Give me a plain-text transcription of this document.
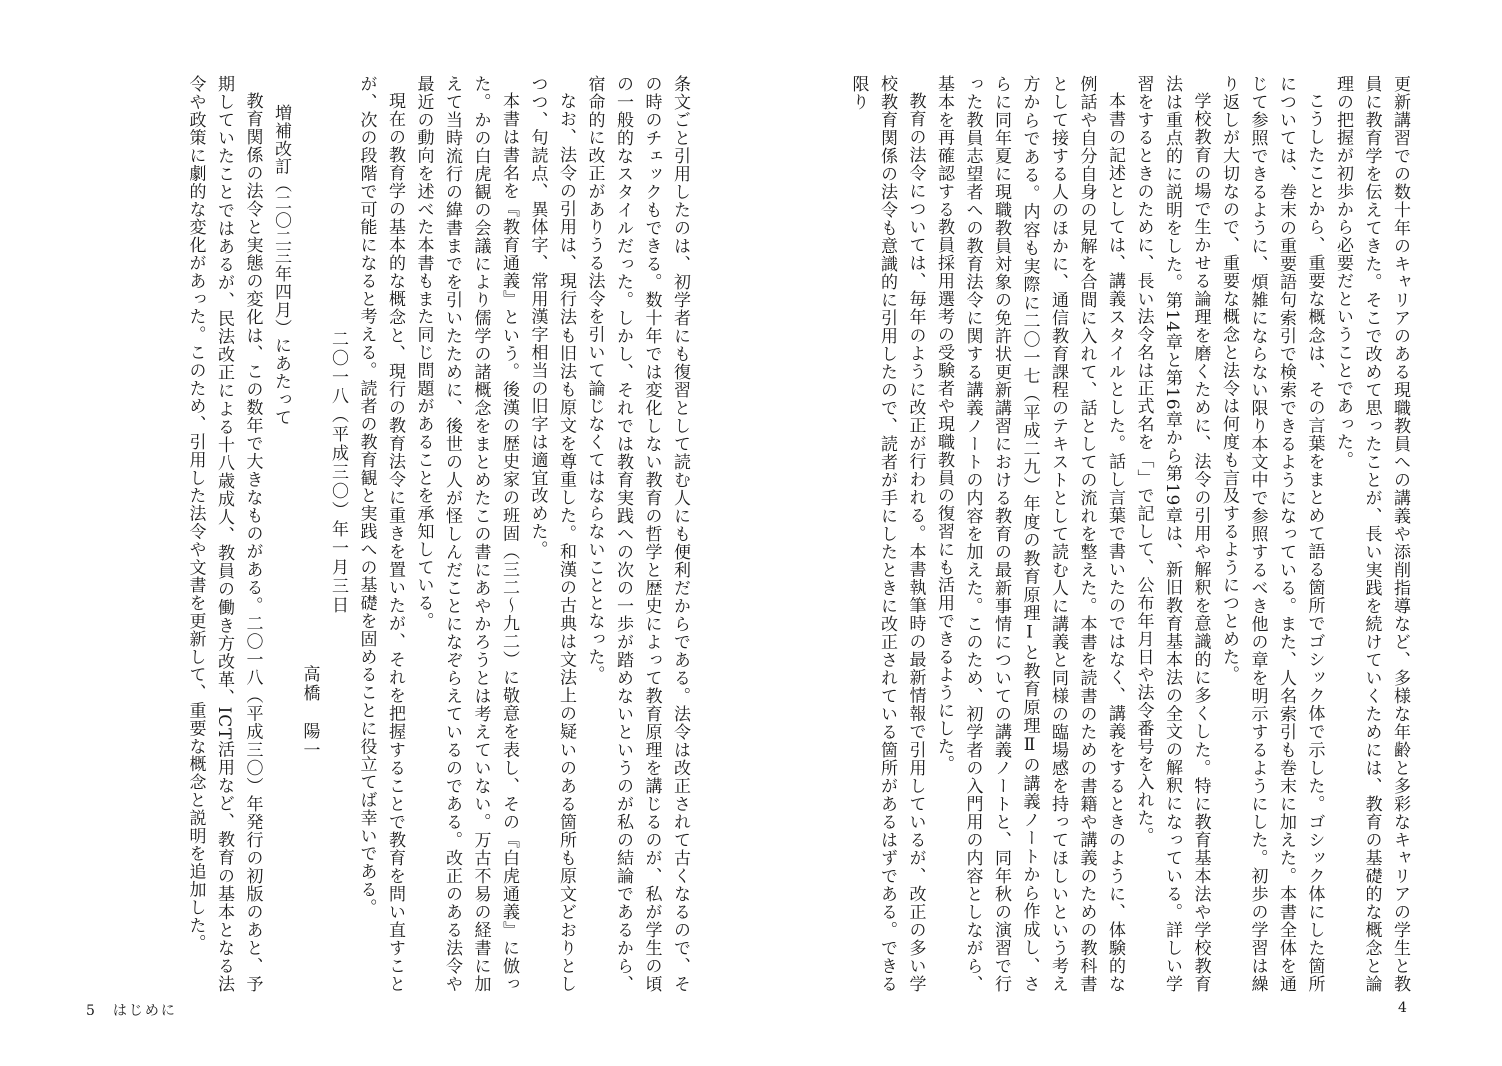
更新講習での数十年のキャリアのある現職教員への講義や添削指導など、多様な年齢と多彩なキャリアの学生と教員に教育学を伝えてきた。そこで改めて思ったことが、長い実践を続けていくためには、教育の基礎的な概念と論理の把握が初歩から必要だということであった。

こうしたことから、重要な概念は、その言葉をまとめて語る箇所でゴシック体で示した。ゴシック体にした箇所については、巻末の重要語句索引で検索できるようになっている。また、人名索引も巻末に加えた。本書全体を通じて参照できるように、煩雑にならない限り本文中で参照するべき他の章を明示するようにした。初歩の学習は繰り返しが大切なので、重要な概念と法令は何度も言及するようにつとめた。

学校教育の場で生かせる論理を磨くために、法令の引用や解釈を意識的に多くした。特に教育基本法や学校教育法は重点的に説明をした。第14章と第16章から第19章は、新旧教育基本法の全文の解釈になっている。詳しい学習をするときのために、長い法令名は正式名を「」で記して、公布年月日や法令番号を入れた。

本書の記述としては、講義スタイルとした。話し言葉で書いたのではなく、講義をするときのように、体験的な例話や自分自身の見解を合間に入れて、話としての流れを整えた。本書を読書のための書籍や講義のための教科書として接する人のほかに、通信教育課程のテキストとして読む人に講義と同様の臨場感を持ってほしいという考え方からである。内容も実際に二〇一七（平成二九）年度の教育原理Ⅰと教育原理Ⅱの講義ノートから作成し、さらに同年夏に現職教員対象の免許状更新講習における教育の最新事情についての講義ノートと、同年秋の演習で行った教員志望者への教育法令に関する講義ノートの内容を加えた。このため、初学者の入門用の内容としながら、基本を再確認する教員採用選考の受験者や現職教員の復習にも活用できるようにした。

教育の法令については、毎年のように改正が行われる。本書執筆時の最新情報で引用しているが、改正の多い学校教育関係の法令も意識的に引用したので、読者が手にしたときに改正されている箇所があるはずである。できる限り

条文ごと引用したのは、初学者にも復習として読む人にも便利だからである。法令は改正されて古くなるので、その時のチェックもできる。数十年では変化しない教育の哲学と歴史によって教育原理を講じるのが、私が学生の頃の一般的なスタイルだった。しかし、それでは教育実践への次の一歩が踏めないというのが私の結論であるから、宿命的に改正がありうる法令を引いて論じなくてはならないこととなった。

なお、法令の引用は、現行法も旧法も原文を尊重した。和漢の古典は文法上の疑いのある箇所も原文どおりとしつつ、句読点、異体字、常用漢字相当の旧字は適宜改めた。

本書は書名を『教育通義』という。後漢の歴史家の班固（三二〜九二）に敬意を表し、その『白虎通義』に倣った。かの白虎観の会議により儒学の諸概念をまとめたこの書にあやかろうとは考えていない。万古不易の経書に加えて当時流行の緯書までを引いたために、後世の人が怪しんだことになぞらえているのである。改正のある法令や最近の動向を述べた本書もまた同じ問題があることを承知している。

現在の教育学の基本的な概念と、現行の教育法令に重きを置いたが、それを把握することで教育を問い直すことが、次の段階で可能になると考える。読者の教育観と実践への基礎を固めることに役立てば幸いである。

二〇一八（平成三〇）年一月三日

高橋　陽一

増補改訂（二〇二三年四月）にあたって

教育関係の法令と実態の変化は、この数年で大きなものがある。二〇一八（平成三〇）年発行の初版のあと、予期していたことではあるが、民法改正による十八歳成人、教員の働き方改革、ICT活用など、教育の基本となる法令や政策に劇的な変化があった。このため、引用した法令や文書を更新して、重要な概念と説明を追加した。

5 はじめに	4
